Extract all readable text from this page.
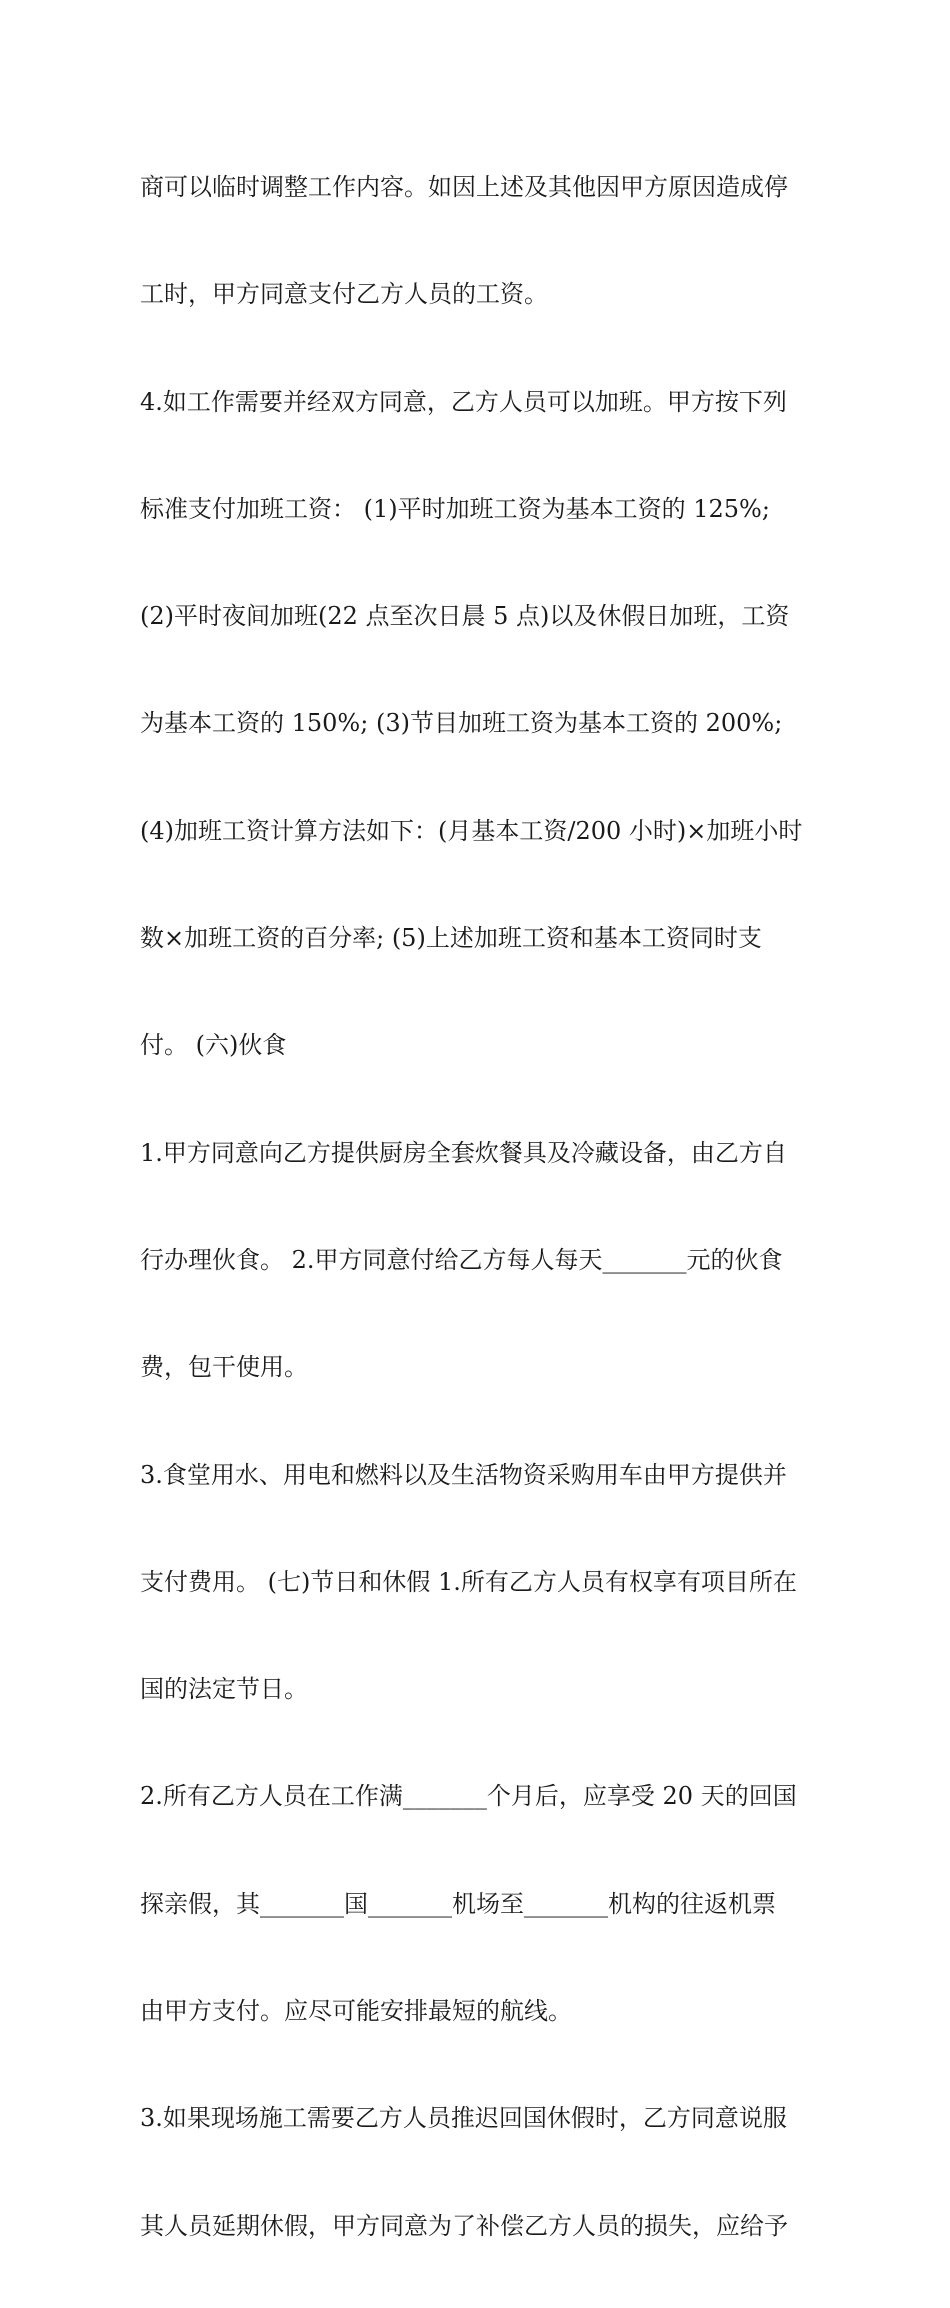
商可以临时调整工作内容。如因上述及其他因甲方原因造成停

工时，甲方同意支付乙方人员的工资。

4.如工作需要并经双方同意，乙方人员可以加班。甲方按下列

标准支付加班工资： (1)平时加班工资为基本工资的 125%;

(2)平时夜间加班(22 点至次日晨 5 点)以及休假日加班，工资

为基本工资的 150%; (3)节目加班工资为基本工资的 200%;

(4)加班工资计算方法如下：(月基本工资/200 小时)×加班小时

数×加班工资的百分率; (5)上述加班工资和基本工资同时支

付。 (六)伙食

1.甲方同意向乙方提供厨房全套炊餐具及冷藏设备，由乙方自

行办理伙食。 2.甲方同意付给乙方每人每天_______元的伙食

费，包干使用。

3.食堂用水、用电和燃料以及生活物资采购用车由甲方提供并

支付费用。 (七)节日和休假 1.所有乙方人员有权享有项目所在

国的法定节日。

2.所有乙方人员在工作满_______个月后，应享受 20 天的回国

探亲假，其_______国_______机场至_______机构的往返机票

由甲方支付。应尽可能安排最短的航线。

3.如果现场施工需要乙方人员推迟回国休假时，乙方同意说服

其人员延期休假，甲方同意为了补偿乙方人员的损失，应给予
